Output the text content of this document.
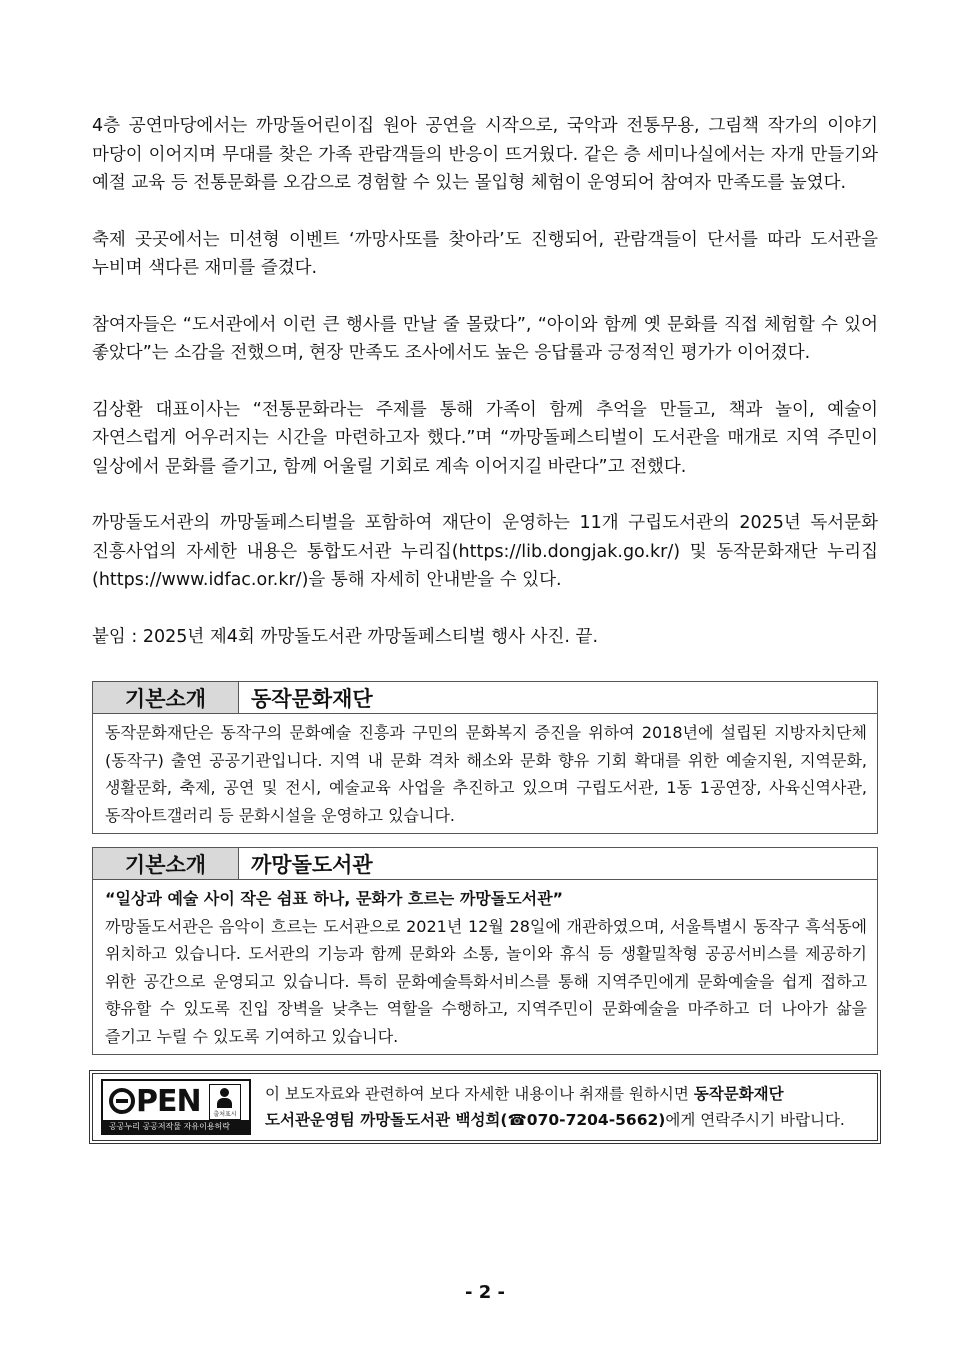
4층 공연마당에서는 까망돌어린이집 원아 공연을 시작으로, 국악과 전통무용, 그림책 작가의 이야기 마당이 이어지며 무대를 찾은 가족 관람객들의 반응이 뜨거웠다. 같은 층 세미나실에서는 자개 만들기와 예절 교육 등 전통문화를 오감으로 경험할 수 있는 몰입형 체험이 운영되어 참여자 만족도를 높였다.

축제 곳곳에서는 미션형 이벤트 ‘까망사또를 찾아라’도 진행되어, 관람객들이 단서를 따라 도서관을 누비며 색다른 재미를 즐겼다.

참여자들은 “도서관에서 이런 큰 행사를 만날 줄 몰랐다”, “아이와 함께 옛 문화를 직접 체험할 수 있어 좋았다”는 소감을 전했으며, 현장 만족도 조사에서도 높은 응답률과 긍정적인 평가가 이어졌다.

김상환 대표이사는 “전통문화라는 주제를 통해 가족이 함께 추억을 만들고, 책과 놀이, 예술이 자연스럽게 어우러지는 시간을 마련하고자 했다.”며 “까망돌페스티벌이 도서관을 매개로 지역 주민이 일상에서 문화를 즐기고, 함께 어울릴 기회로 계속 이어지길 바란다”고 전했다.

까망돌도서관의 까망돌페스티벌을 포함하여 재단이 운영하는 11개 구립도서관의 2025년 독서문화 진흥사업의 자세한 내용은 통합도서관 누리집(https://lib.dongjak.go.kr/) 및 동작문화재단 누리집 (https://www.idfac.or.kr/)을 통해 자세히 안내받을 수 있다.

붙임 : 2025년 제4회 까망돌도서관 까망돌페스티벌 행사 사진. 끝.

기본소개	동작문화재단
동작문화재단은 동작구의 문화예술 진흥과 구민의 문화복지 증진을 위하여 2018년에 설립된 지방자치단체(동작구) 출연 공공기관입니다. 지역 내 문화 격차 해소와 문화 향유 기회 확대를 위한 예술지원, 지역문화, 생활문화, 축제, 공연 및 전시, 예술교육 사업을 추진하고 있으며 구립도서관, 1동 1공연장, 사육신역사관, 동작아트갤러리 등 문화시설을 운영하고 있습니다.
기본소개	까망돌도서관
“일상과 예술 사이 작은 쉼표 하나, 문화가 흐르는 까망돌도서관”
까망돌도서관은 음악이 흐르는 도서관으로 2021년 12월 28일에 개관하였으며, 서울특별시 동작구 흑석동에 위치하고 있습니다. 도서관의 기능과 함께 문화와 소통, 놀이와 휴식 등 생활밀착형 공공서비스를 제공하기 위한 공간으로 운영되고 있습니다. 특히 문화예술특화서비스를 통해 지역주민에게 문화예술을 쉽게 접하고 향유할 수 있도록 진입 장벽을 낮추는 역할을 수행하고, 지역주민이 문화예술을 마주하고 더 나아가 삶을 즐기고 누릴 수 있도록 기여하고 있습니다.
PEN	출처표시
공공누리 공공저작물 자유이용허락
이 보도자료와 관련하여 보다 자세한 내용이나 취재를 원하시면 동작문화재단
도서관운영팀 까망돌도서관 백성희(☎070-7204-5662)에게 연락주시기 바랍니다.
- 2 -
